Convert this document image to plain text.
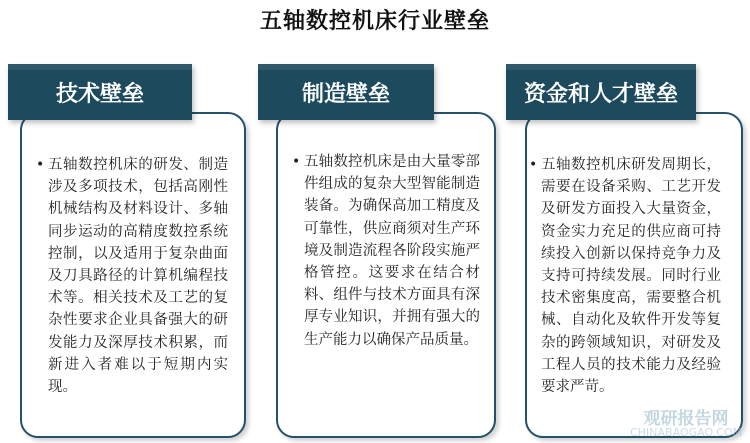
五轴数控机床行业壁垒
技术壁垒
• 五轴数控机床的研发、制造涉及多项技术，包括高刚性机械结构及材料设计、多轴同步运动的高精度数控系统控制，以及适用于复杂曲面及刀具路径的计算机编程技术等。相关技术及工艺的复杂性要求企业具备强大的研发能力及深厚技术积累，而新进入者难以于短期内实现。
制造壁垒
• 五轴数控机床是由大量零部件组成的复杂大型智能制造装备。为确保高加工精度及可靠性，供应商须对生产环境及制造流程各阶段实施严格管控。这要求在结合材料、组件与技术方面具有深厚专业知识，并拥有强大的生产能力以确保产品质量。
资金和人才壁垒
• 五轴数控机床研发周期长，需要在设备采购、工艺开发及研发方面投入大量资金，资金实力充足的供应商可持续投入创新以保持竞争力及支持可持续发展。同时行业技术密集度高，需要整合机械、自动化及软件开发等复杂的跨领域知识，对研发及工程人员的技术能力及经验要求严苛。
观研报告网
CHINABAOGAO.COM
